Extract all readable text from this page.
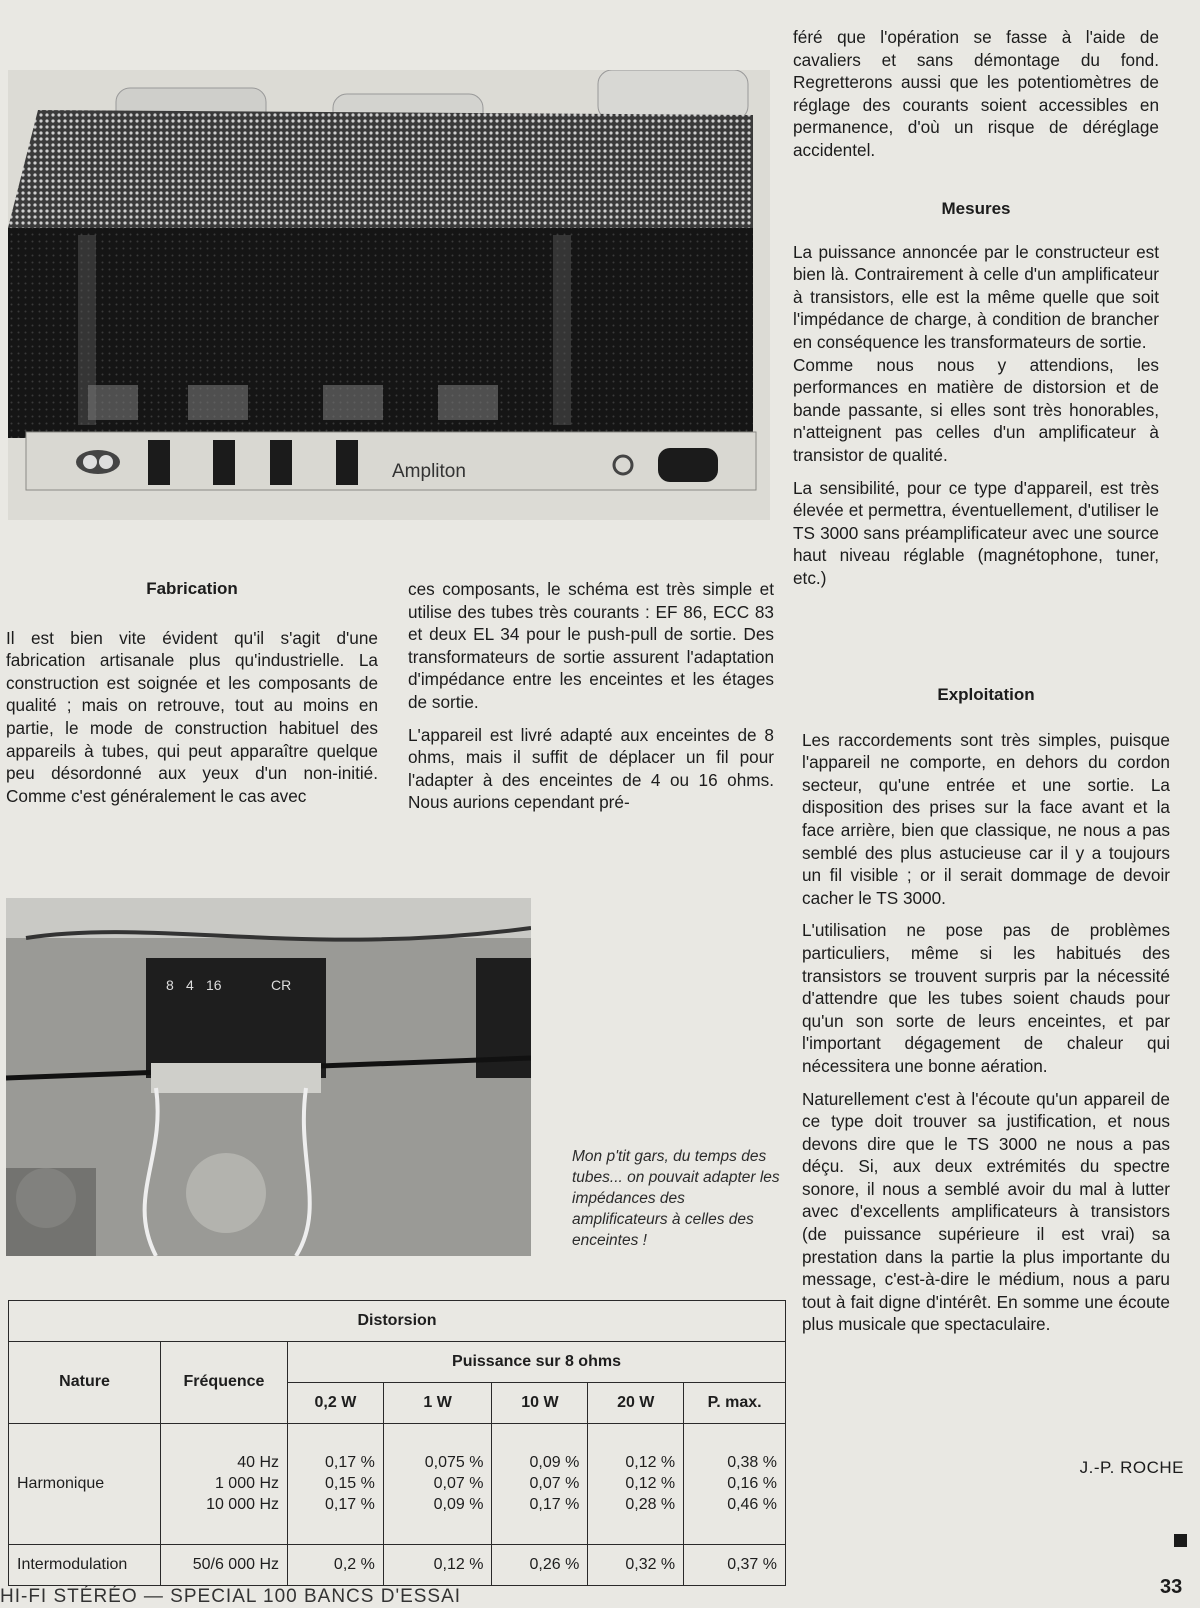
Ampliton

féré que l'opération se fasse à l'aide de cavaliers et sans démontage du fond. Regretterons aussi que les potentiomètres de réglage des courants soient accessibles en permanence, d'où un risque de déréglage accidentel.

Mesures

La puissance annoncée par le constructeur est bien là. Contrairement à celle d'un amplificateur à transistors, elle est la même quelle que soit l'impédance de charge, à condition de brancher en conséquence les transformateurs de sortie.

Comme nous nous y attendions, les performances en matière de distorsion et de bande passante, si elles sont très honorables, n'atteignent pas celles d'un amplificateur à transistor de qualité.

La sensibilité, pour ce type d'appareil, est très élevée et permettra, éventuellement, d'utiliser le TS 3000 sans préamplificateur avec une source haut niveau réglable (magnétophone, tuner, etc.)

Exploitation

Les raccordements sont très simples, puisque l'appareil ne comporte, en dehors du cordon secteur, qu'une entrée et une sortie. La disposition des prises sur la face avant et la face arrière, bien que classique, ne nous a pas semblé des plus astucieuse car il y a toujours un fil visible ; or il serait dommage de devoir cacher le TS 3000.

L'utilisation ne pose pas de problèmes particuliers, même si les habitués des transistors se trouvent surpris par la nécessité d'attendre que les tubes soient chauds pour qu'un son sorte de leurs enceintes, et par l'important dégagement de chaleur qui nécessitera une bonne aération.

Naturellement c'est à l'écoute qu'un appareil de ce type doit trouver sa justification, et nous devons dire que le TS 3000 ne nous a pas déçu. Si, aux deux extrémités du spectre sonore, il nous a semblé avoir du mal à lutter avec d'excellents amplificateurs à transistors (de puissance supérieure il est vrai) sa prestation dans la partie la plus importante du message, c'est-à-dire le médium, nous a paru tout à fait digne d'intérêt. En somme une écoute plus musicale que spectaculaire.

J.-P. ROCHE
Fabrication

Il est bien vite évident qu'il s'agit d'une fabrication artisanale plus qu'industrielle. La construction est soignée et les composants de qualité ; mais on retrouve, tout au moins en partie, le mode de construction habituel des appareils à tubes, qui peut apparaître quelque peu désordonné aux yeux d'un non-initié. Comme c'est généralement le cas avec

ces composants, le schéma est très simple et utilise des tubes très courants : EF 86, ECC 83 et deux EL 34 pour le push-pull de sortie. Des transformateurs de sortie assurent l'adaptation d'impédance entre les enceintes et les étages de sortie.

L'appareil est livré adapté aux enceintes de 8 ohms, mais il suffit de déplacer un fil pour l'adapter à des enceintes de 4 ou 16 ohms. Nous aurions cependant pré-

8 4 16	CR
Mon p'tit gars, du temps des tubes... on pouvait adapter les impédances des amplificateurs à celles des enceintes !
Distorsion						
Nature	Fréquence	Puissance sur 8 ohms				
		0,2 W	1 W	10 W	20 W	P. max.
Harmonique	40 Hz
1 000 Hz
10 000 Hz	0,17 %
0,15 %
0,17 %	0,075 %
0,07 %
0,09 %	0,09 %
0,07 %
0,17 %	0,12 %
0,12 %
0,28 %	0,38 %
0,16 %
0,46 %

Intermodulation	50/6 000 Hz	0,2 %	0,12 %	0,26 %	0,32 %	0,37 %
33
HI-FI STÉRÉO — SPECIAL 100 BANCS D'ESSAI
